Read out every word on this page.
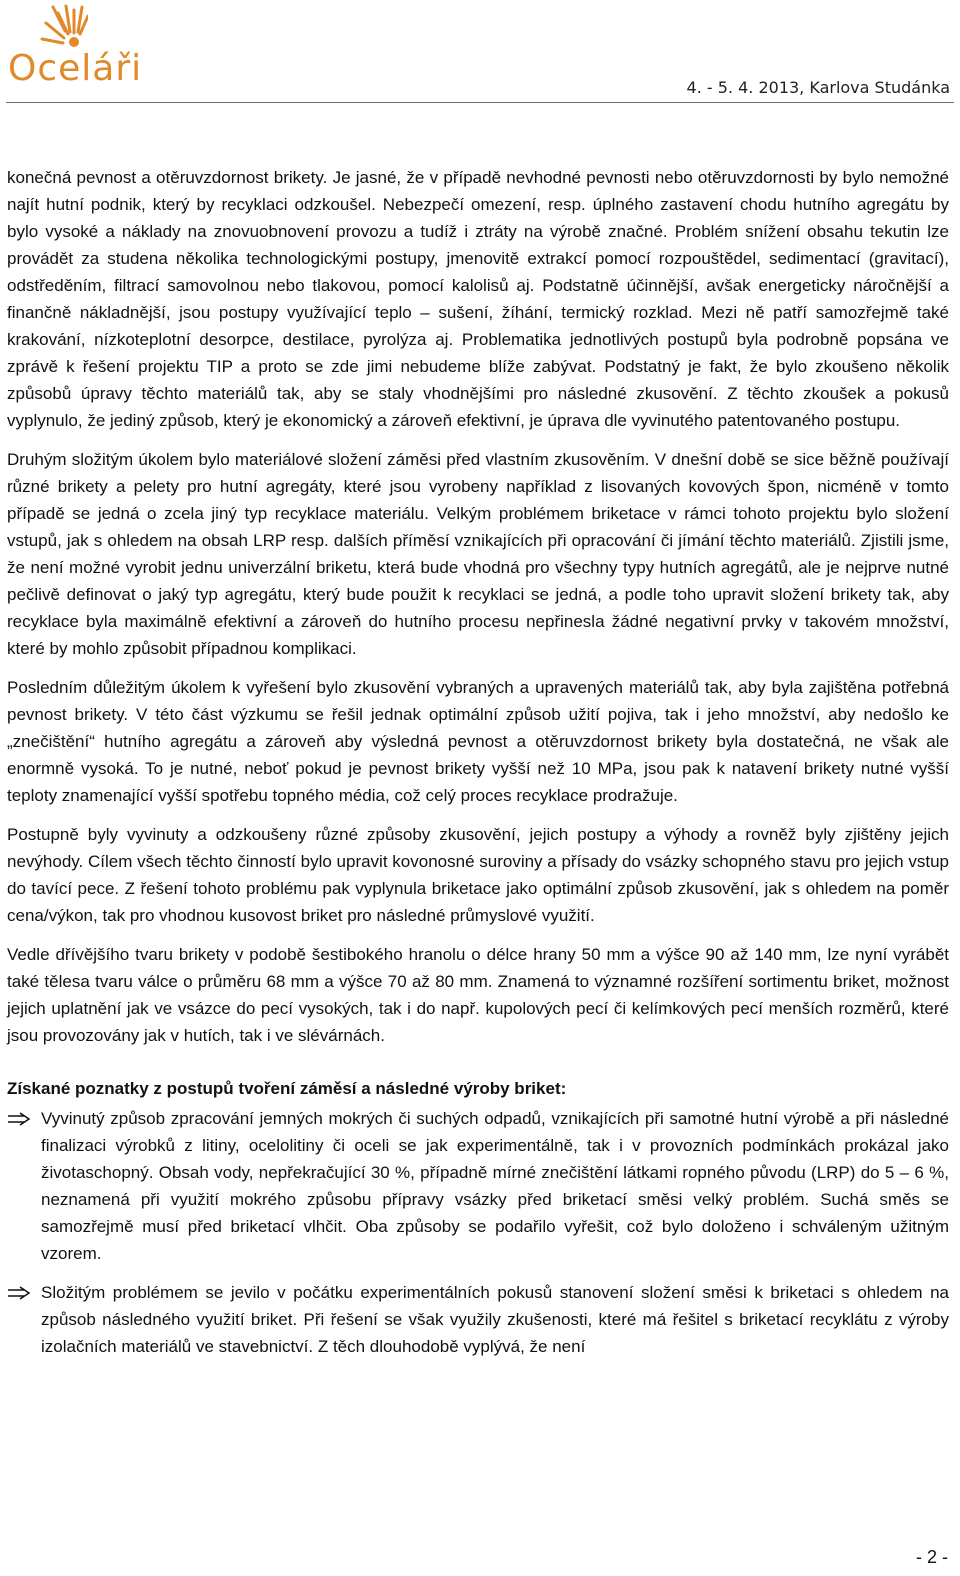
Oceláři	4. - 5. 4. 2013, Karlova Studánka

konečná pevnost a otěruvzdornost brikety. Je jasné, že v případě nevhodné pevnosti nebo otěruvzdornosti by bylo nemožné najít hutní podnik, který by recyklaci odzkoušel. Nebezpečí omezení, resp. úplného zastavení chodu hutního agregátu by bylo vysoké a náklady na znovuobnovení provozu a tudíž i ztráty na výrobě značné. Problém snížení obsahu tekutin lze provádět za studena několika technologickými postupy, jmenovitě extrakcí pomocí rozpouštědel, sedimentací (gravitací), odstředěním, filtrací samovolnou nebo tlakovou, pomocí kalolisů aj. Podstatně účinnější, avšak energeticky náročnější a finančně nákladnější, jsou postupy využívající teplo – sušení, žíhání, termický rozklad. Mezi ně patří samozřejmě také krakování, nízkoteplotní desorpce, destilace, pyrolýza aj. Problematika jednotlivých postupů byla podrobně popsána ve zprávě k řešení projektu TIP a proto se zde jimi nebudeme blíže zabývat. Podstatný je fakt, že bylo zkoušeno několik způsobů úpravy těchto materiálů tak, aby se staly vhodnějšími pro následné zkusovění. Z těchto zkoušek a pokusů vyplynulo, že jediný způsob, který je ekonomický a zároveň efektivní, je úprava dle vyvinutého patentovaného postupu.

Druhým složitým úkolem bylo materiálové složení záměsi před vlastním zkusověním. V dnešní době se sice běžně používají různé brikety a pelety pro hutní agregáty, které jsou vyrobeny například z lisovaných kovových špon, nicméně v tomto případě se jedná o zcela jiný typ recyklace materiálu. Velkým problémem briketace v rámci tohoto projektu bylo složení vstupů, jak s ohledem na obsah LRP resp. dalších příměsí vznikajících při opracování či jímání těchto materiálů. Zjistili jsme, že není možné vyrobit jednu univerzální briketu, která bude vhodná pro všechny typy hutních agregátů, ale je nejprve nutné pečlivě definovat o jaký typ agregátu, který bude použit k recyklaci se jedná, a podle toho upravit složení brikety tak, aby recyklace byla maximálně efektivní a zároveň do hutního procesu nepřinesla žádné negativní prvky v takovém množství, které by mohlo způsobit případnou komplikaci.

Posledním důležitým úkolem k vyřešení bylo zkusovění vybraných a upravených materiálů tak, aby byla zajištěna potřebná pevnost brikety. V této část výzkumu se řešil jednak optimální způsob užití pojiva, tak i jeho množství, aby nedošlo ke „znečištění“ hutního agregátu a zároveň aby výsledná pevnost a otěruvzdornost brikety byla dostatečná, ne však ale enormně vysoká. To je nutné, neboť pokud je pevnost brikety vyšší než 10 MPa, jsou pak k natavení brikety nutné vyšší teploty znamenající vyšší spotřebu topného média, což celý proces recyklace prodražuje.

Postupně byly vyvinuty a odzkoušeny různé způsoby zkusovění, jejich postupy a výhody a rovněž byly zjištěny jejich nevýhody. Cílem všech těchto činností bylo upravit kovonosné suroviny a přísady do vsázky schopného stavu pro jejich vstup do tavící pece. Z řešení tohoto problému pak vyplynula briketace jako optimální způsob zkusovění, jak s ohledem na poměr cena/výkon, tak pro vhodnou kusovost briket pro následné průmyslové využití.

Vedle dřívějšího tvaru brikety v podobě šestibokého hranolu o délce hrany 50 mm a výšce 90 až 140 mm, lze nyní vyrábět také tělesa tvaru válce o průměru 68 mm a výšce 70 až 80 mm. Znamená to významné rozšíření sortimentu briket, možnost jejich uplatnění jak ve vsázce do pecí vysokých, tak i do např. kupolových pecí či kelímkových pecí menších rozměrů, které jsou provozovány jak v hutích, tak i ve slévárnách.

Získané poznatky z postupů tvoření záměsí a následné výroby briket:

Vyvinutý způsob zpracování jemných mokrých či suchých odpadů, vznikajících při samotné hutní výrobě a při následné finalizaci výrobků z litiny, ocelolitiny či oceli se jak experimentálně, tak i v provozních podmínkách prokázal jako životaschopný. Obsah vody, nepřekračující 30 %, případně mírné znečištění látkami ropného původu (LRP) do 5 – 6 %, neznamená při využití mokrého způsobu přípravy vsázky před briketací směsi velký problém. Suchá směs se samozřejmě musí před briketací vlhčit. Oba způsoby se podařilo vyřešit, což bylo doloženo i schváleným užitným vzorem.
Složitým problémem se jevilo v počátku experimentálních pokusů stanovení složení směsi k briketaci s ohledem na způsob následného využití briket. Při řešení se však využily zkušenosti, které má řešitel s briketací recyklátu z výroby izolačních materiálů ve stavebnictví. Z těch dlouhodobě vyplývá, že není
- 2 -
